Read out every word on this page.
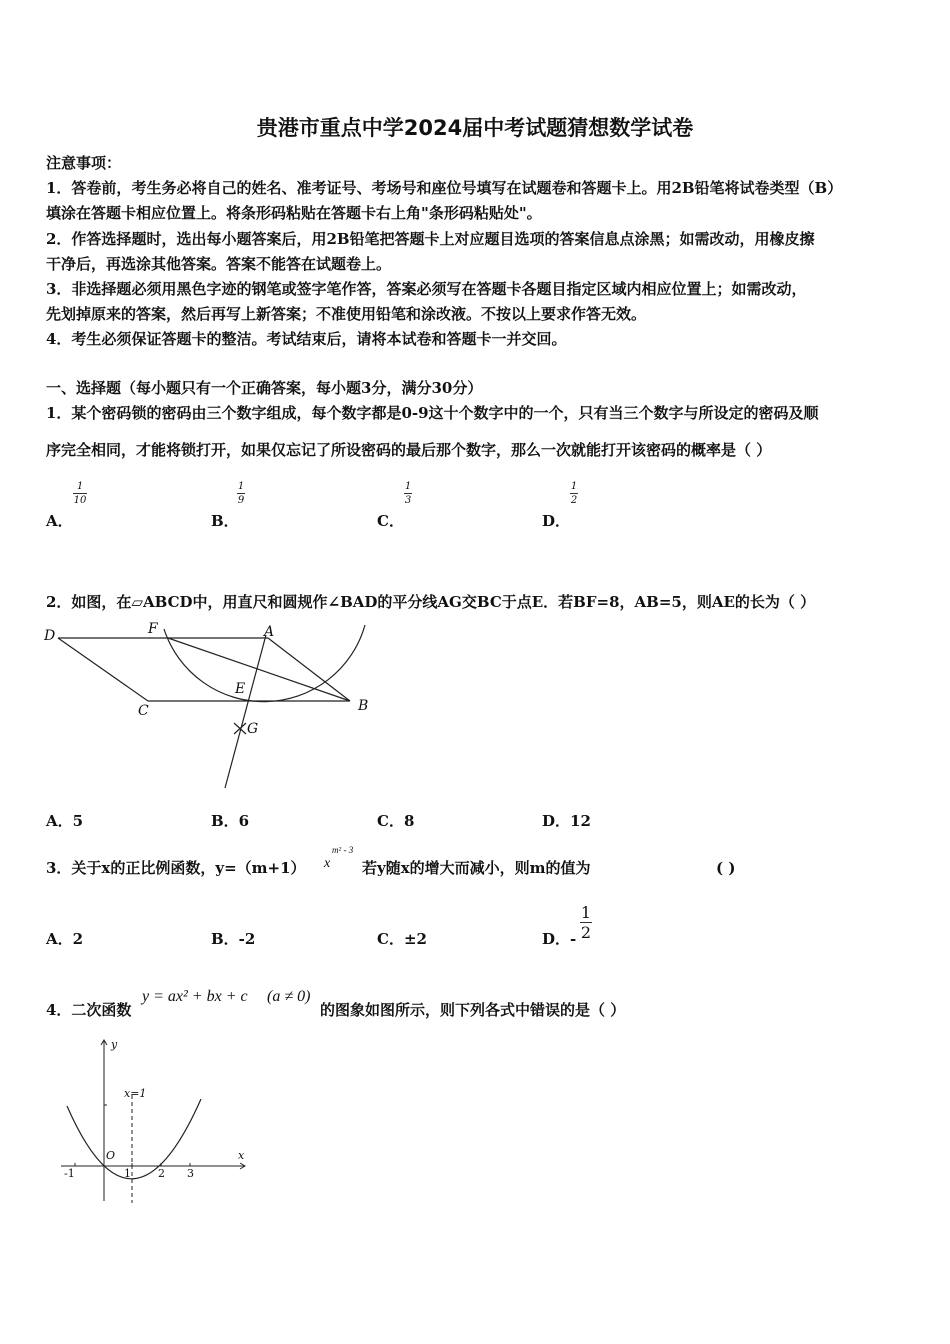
贵港市重点中学2024届中考试题猜想数学试卷
注意事项：
1．答卷前，考生务必将自己的姓名、准考证号、考场号和座位号填写在试题卷和答题卡上。用2B铅笔将试卷类型（B）
填涂在答题卡相应位置上。将条形码粘贴在答题卡右上角"条形码粘贴处"。
2．作答选择题时，选出每小题答案后，用2B铅笔把答题卡上对应题目选项的答案信息点涂黑；如需改动，用橡皮擦
干净后，再选涂其他答案。答案不能答在试题卷上。
3．非选择题必须用黑色字迹的钢笔或签字笔作答，答案必须写在答题卡各题目指定区域内相应位置上；如需改动，
先划掉原来的答案，然后再写上新答案；不准使用铅笔和涂改液。不按以上要求作答无效。
4．考生必须保证答题卡的整洁。考试结束后，请将本试卷和答题卡一并交回。
一、选择题（每小题只有一个正确答案，每小题3分，满分30分）
1．某个密码锁的密码由三个数字组成，每个数字都是0-9这十个数字中的一个，只有当三个数字与所设定的密码及顺
序完全相同，才能将锁打开，如果仅忘记了所设密码的最后那个数字，那么一次就能打开该密码的概率是（ ）
A．
1
10
B．
1
9
C．
1
3
D．
1
2
2．如图，在▱ABCD中，用直尺和圆规作∠BAD的平分线AG交BC于点E．若BF=8，AB=5，则AE的长为（ ）
D	F	A
E
C	B
G
A．5	B．6	C．8	D．12
3．关于x的正比例函数，y=（m+1） x
m² - 3
若y随x的增大而减小，则m的值为	( )
A．2	B．-2	C．±2	D．-
1
2
4．二次函数
y = ax² + bx + c (a ≠ 0)
的图象如图所示，则下列各式中错误的是（ ）
y
x
x=1
O
-1	1 2 3
